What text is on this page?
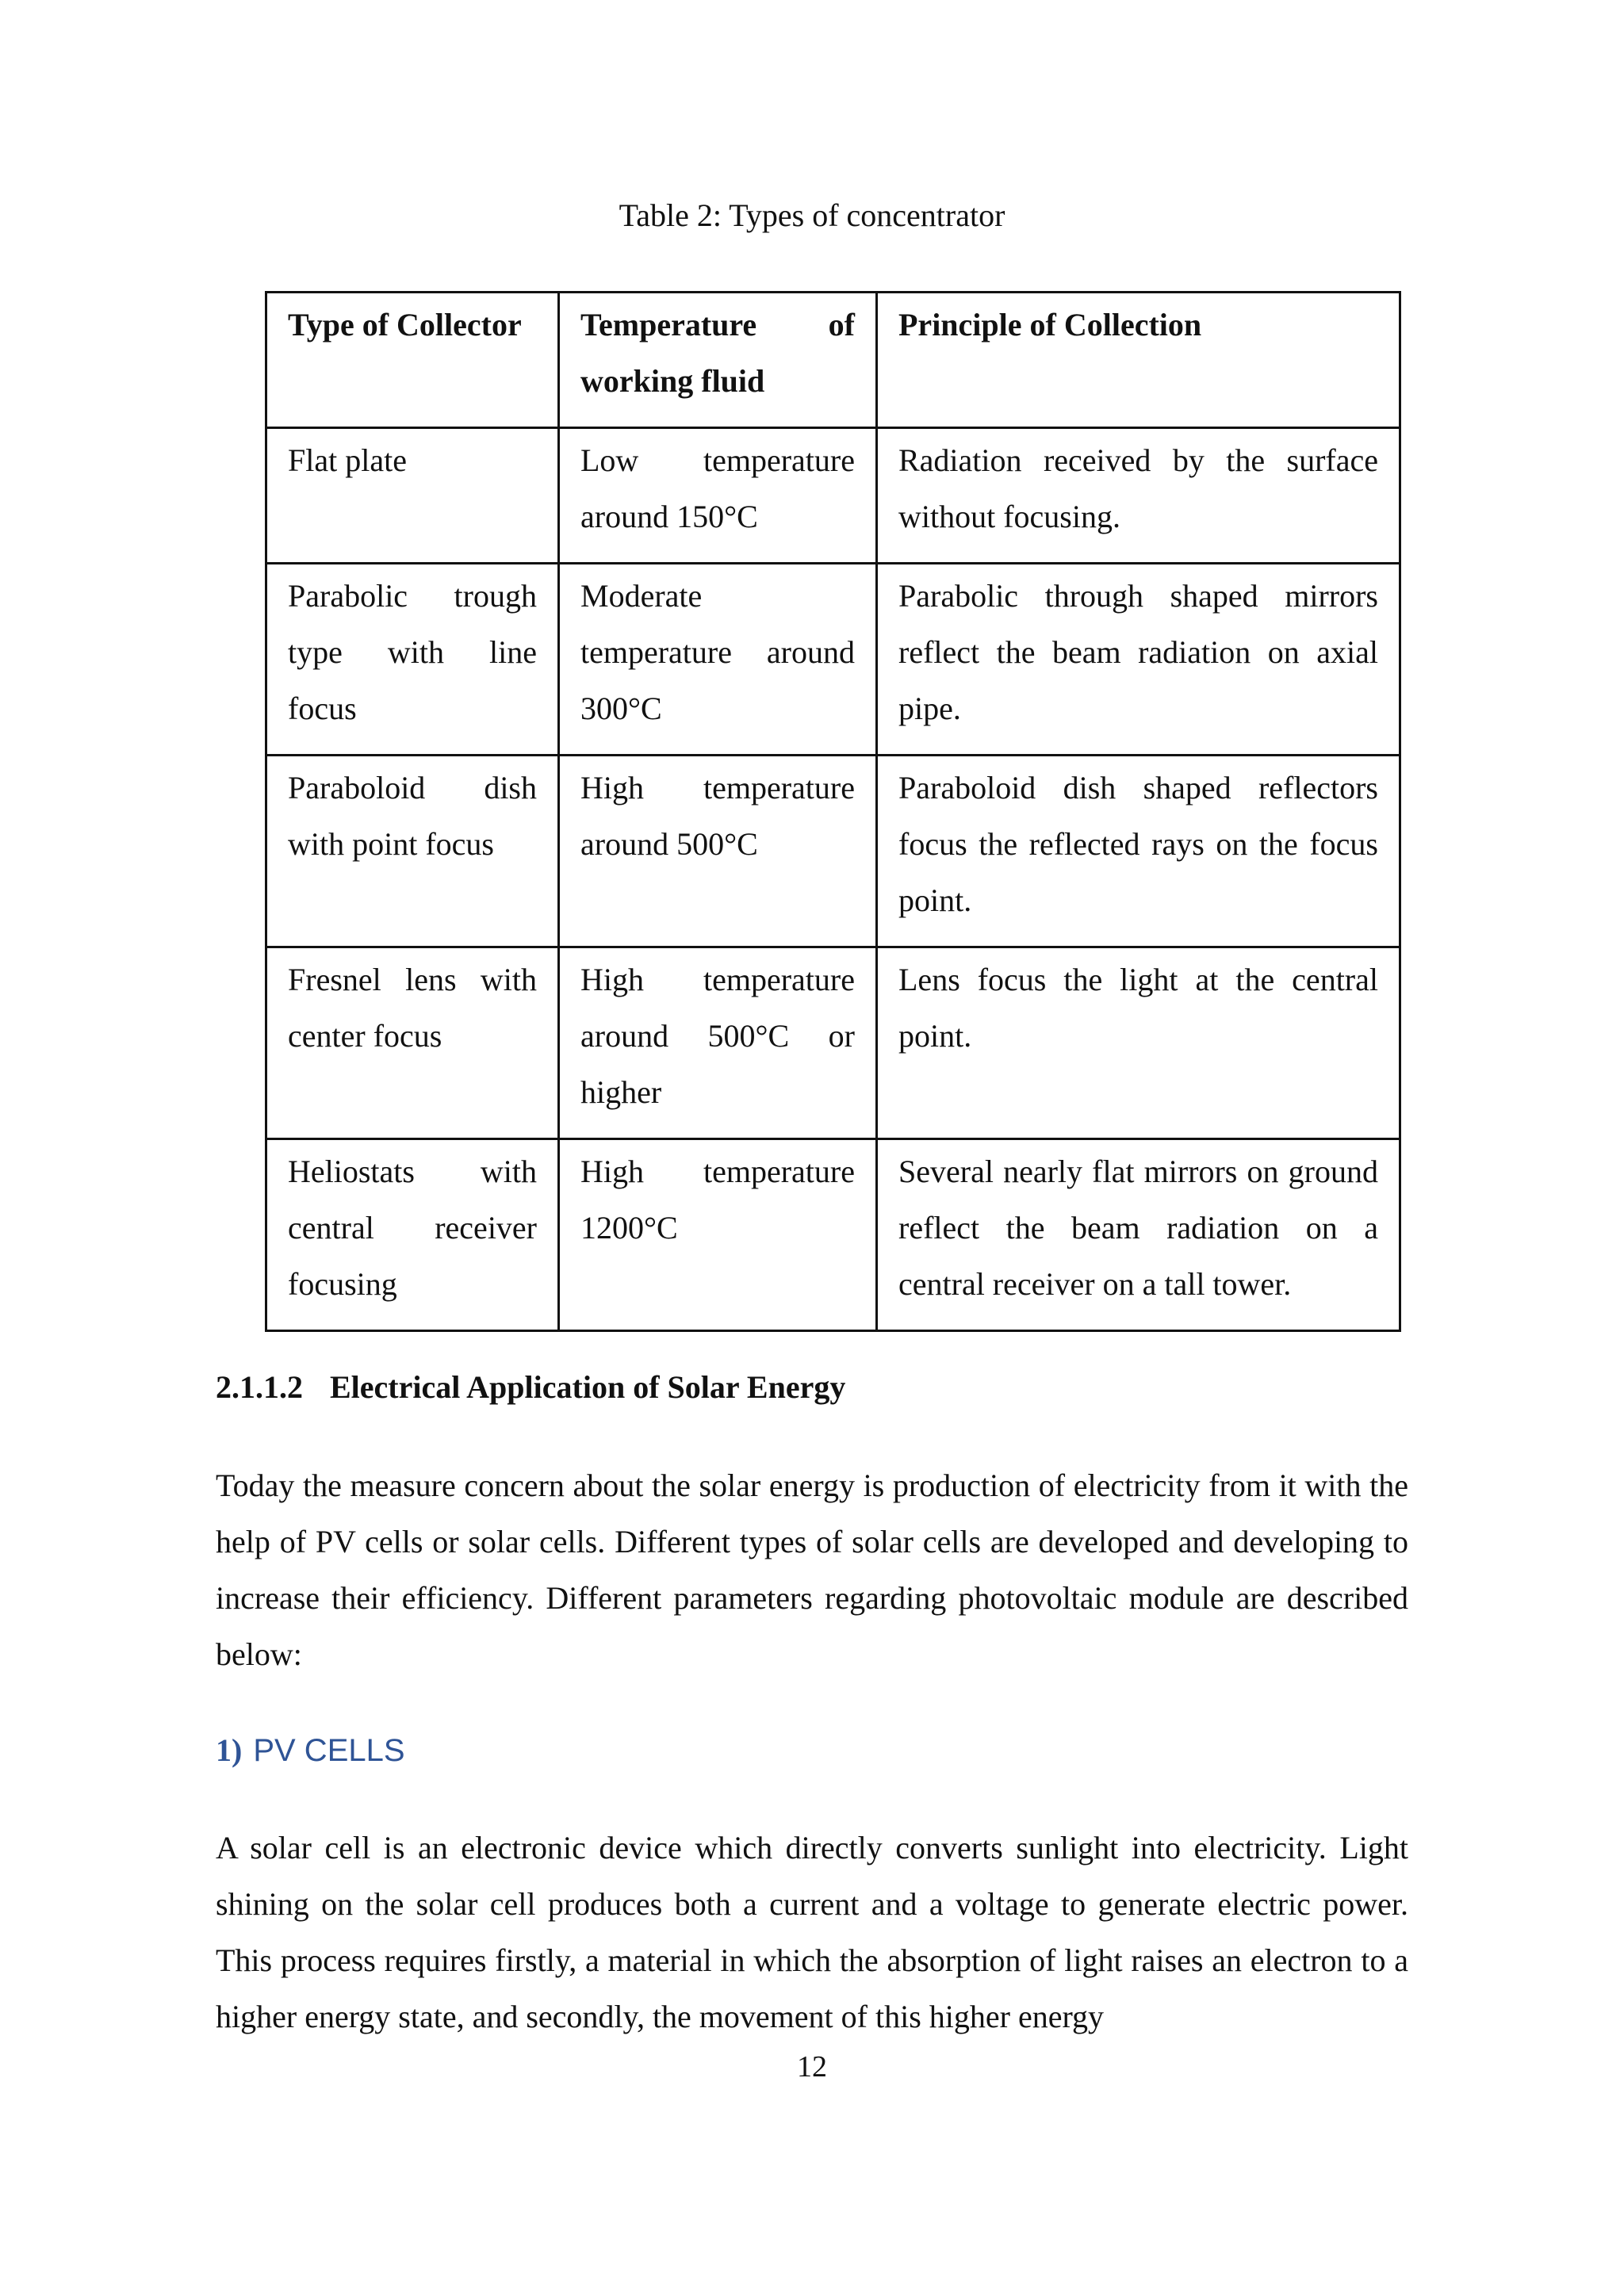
Table 2: Types of concentrator
Type of Collector	Temperature of working fluid	Principle of Collection
Flat plate	Low temperature around 150°C	Radiation received by the surface without focusing.
Parabolic trough type with line focus	Moderate temperature around 300°C	Parabolic through shaped mirrors reflect the beam radiation on axial pipe.
Paraboloid dish with point focus	High temperature around 500°C	Paraboloid dish shaped reflectors focus the reflected rays on the focus point.
Fresnel lens with center focus	High temperature around 500°C or higher	Lens focus the light at the central point.
Heliostats with central receiver focusing	High temperature 1200°C	Several nearly flat mirrors on ground reflect the beam radiation on a central receiver on a tall tower.
2.1.1.2 Electrical Application of Solar Energy
Today the measure concern about the solar energy is production of electricity from it with the help of PV cells or solar cells. Different types of solar cells are developed and developing to increase their efficiency. Different parameters regarding photovoltaic module are described below:
1) PV CELLS
A solar cell is an electronic device which directly converts sunlight into electricity. Light shining on the solar cell produces both a current and a voltage to generate electric power. This process requires firstly, a material in which the absorption of light raises an electron to a higher energy state, and secondly, the movement of this higher energy
12
